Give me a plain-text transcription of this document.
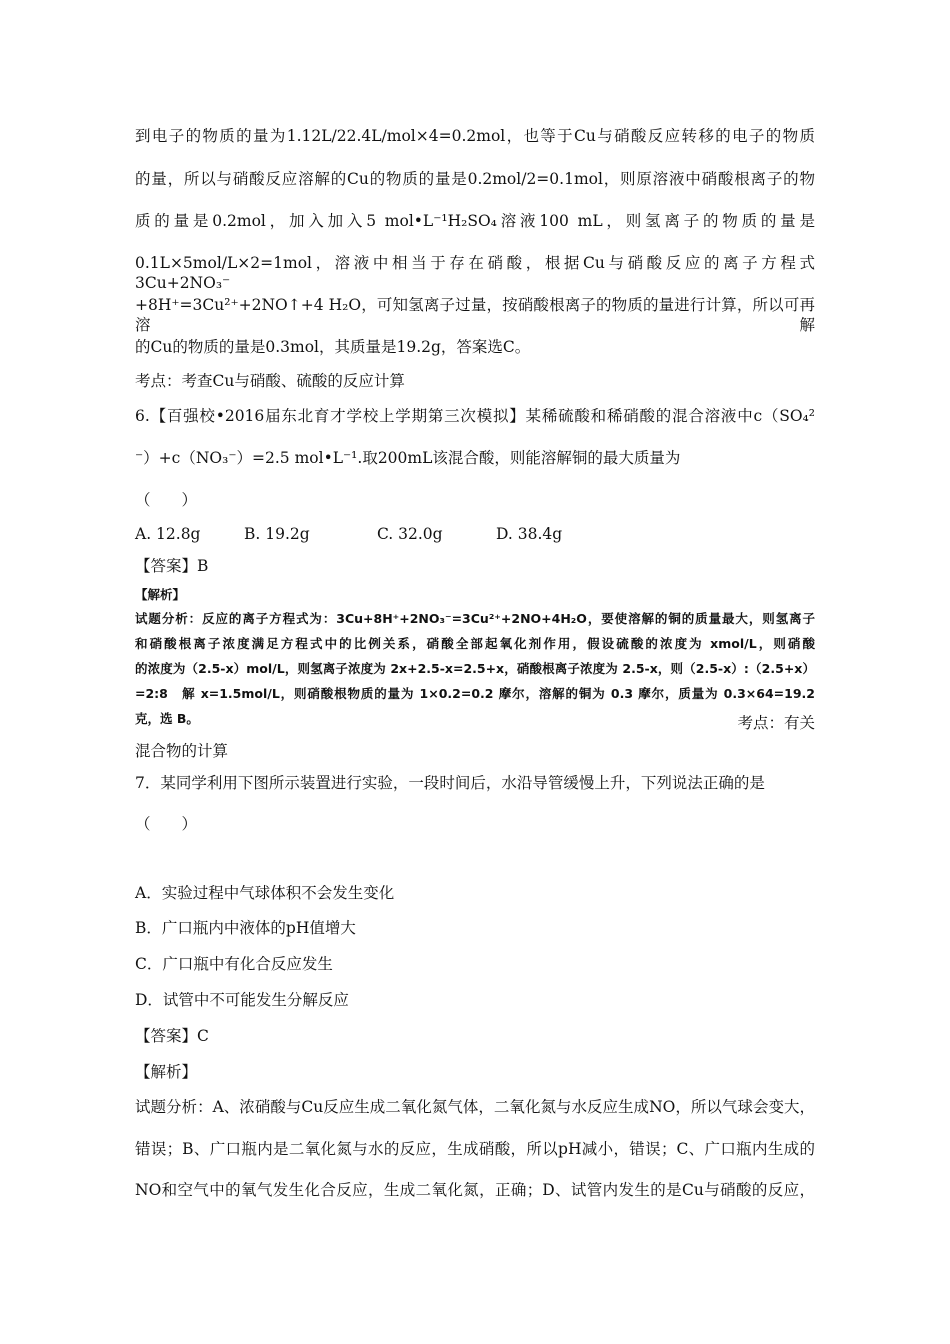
到电子的物质的量为1.12L/22.4L/mol×4=0.2mol，也等于Cu与硝酸反应转移的电子的物质
的量，所以与硝酸反应溶解的Cu的物质的量是0.2mol/2=0.1mol，则原溶液中硝酸根离子的物
质的量是0.2mol，加入加入5 mol•L⁻¹H₂SO₄溶液100 mL，则氢离子的物质的量是
0.1L×5mol/L×2=1mol，溶液中相当于存在硝酸，根据Cu与硝酸反应的离子方程式3Cu+2NO₃⁻
+8H⁺=3Cu²⁺+2NO↑+4 H₂O，可知氢离子过量，按硝酸根离子的物质的量进行计算，所以可再溶解
的Cu的物质的量是0.3mol，其质量是19.2g，答案选C。
考点：考查Cu与硝酸、硫酸的反应计算
6.【百强校•2016届东北育才学校上学期第三次模拟】某稀硫酸和稀硝酸的混合溶液中c（SO₄²
⁻）+c（NO₃⁻）=2.5 mol•L⁻¹.取200mL该混合酸，则能溶解铜的最大质量为
（　　）
A. 12.8g	B. 19.2g	C. 32.0g	D. 38.4g
【答案】B
【解析】
试题分析：反应的离子方程式为：3Cu+8H⁺+2NO₃⁻=3Cu²⁺+2NO+4H₂O，要使溶解的铜的质量最大，则氢离子
和硝酸根离子浓度满足方程式中的比例关系，硝酸全部起氧化剂作用，假设硫酸的浓度为 xmol/L，则硝酸
的浓度为（2.5-x）mol/L，则氢离子浓度为 2x+2.5-x=2.5+x，硝酸根离子浓度为 2.5-x，则（2.5-x）:（2.5+x）
=2:8　解 x=1.5mol/L，则硝酸根物质的量为 1×0.2=0.2 摩尔，溶解的铜为 0.3 摩尔，质量为 0.3×64=19.2
克，选 B。	考点：有关
混合物的计算
7．某同学利用下图所示装置进行实验，一段时间后，水沿导管缓慢上升，下列说法正确的是
（　　）
A．实验过程中气球体积不会发生变化
B．广口瓶内中液体的pH值增大
C．广口瓶中有化合反应发生
D．试管中不可能发生分解反应
【答案】C
【解析】
试题分析：A、浓硝酸与Cu反应生成二氧化氮气体，二氧化氮与水反应生成NO，所以气球会变大，
错误；B、广口瓶内是二氧化氮与水的反应，生成硝酸，所以pH减小，错误；C、广口瓶内生成的
NO和空气中的氧气发生化合反应，生成二氧化氮，正确；D、试管内发生的是Cu与硝酸的反应，
